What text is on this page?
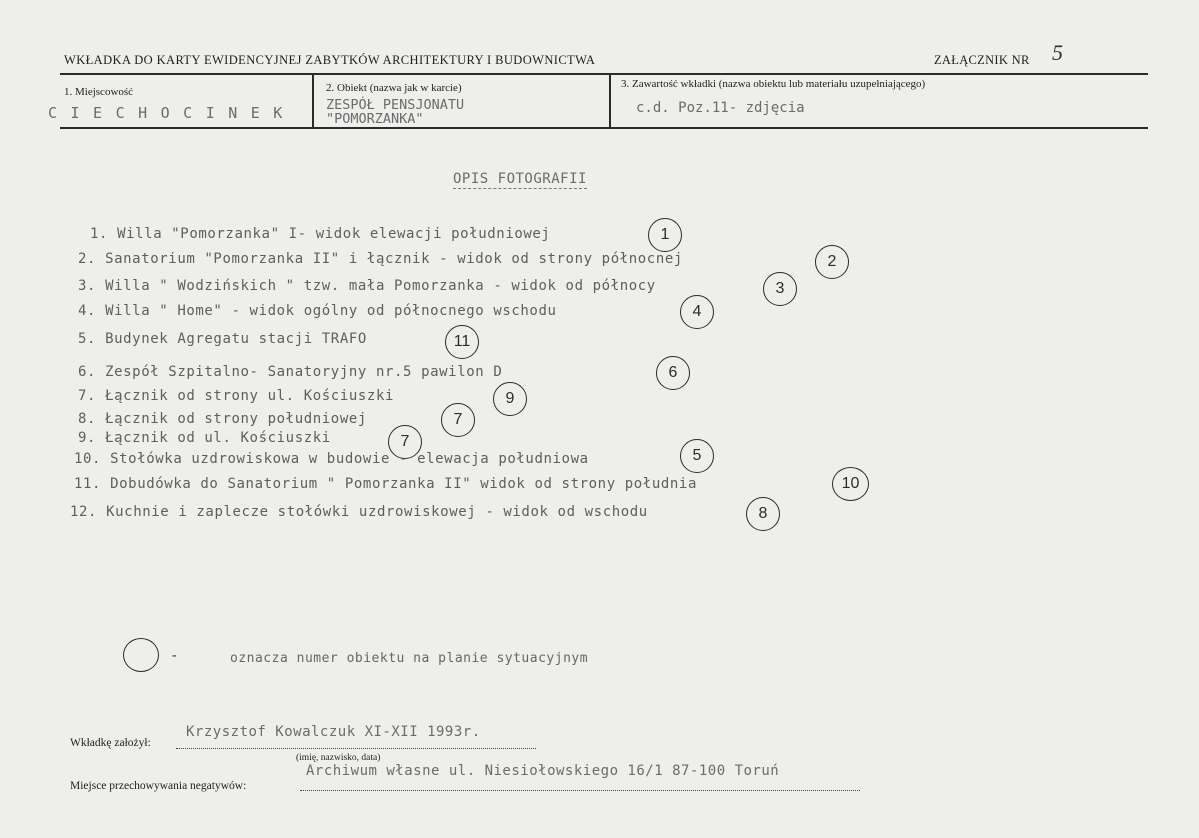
WKŁADKA DO KARTY EWIDENCYJNEJ ZABYTKÓW ARCHITEKTURY I BUDOWNICTWA	ZAŁĄCZNIK NR 5
1. Miejscowość
CIECHOCINEK
2. Obiekt (nazwa jak w karcie)
ZESPÓŁ PENSJONATU
"POMORZANKA"
3. Zawartość wkładki (nazwa obiektu lub materiału uzupełniającego)
c.d. Poz.11- zdjęcia
OPIS FOTOGRAFII
1. Willa "Pomorzanka" I- widok elewacji południowej	1
2. Sanatorium "Pomorzanka II" i łącznik - widok od strony północnej	2
3. Willa " Wodzińskich " tzw. mała Pomorzanka - widok od północy	3
4. Willa " Home" - widok ogólny od północnego wschodu	4
5. Budynek Agregatu stacji TRAFO	11
6. Zespół Szpitalno- Sanatoryjny nr.5 pawilon D	6
7. Łącznik od strony ul. Kościuszki	9
8. Łącznik od strony południowej	7
9. Łącznik od ul. Kościuszki	7
10. Stołówka uzdrowiskowa w budowie - elewacja południowa	5
11. Dobudówka do Sanatorium " Pomorzanka II" widok od strony południa	10
12. Kuchnie i zaplecze stołówki uzdrowiskowej - widok od wschodu	8
-	oznacza numer obiektu na planie sytuacyjnym
Wkładkę założył:
Krzysztof Kowalczuk XI-XII 1993r.
(imię, nazwisko, data)
Miejsce przechowywania negatywów:
Archiwum własne ul. Niesiołowskiego 16/1 87-100 Toruń
